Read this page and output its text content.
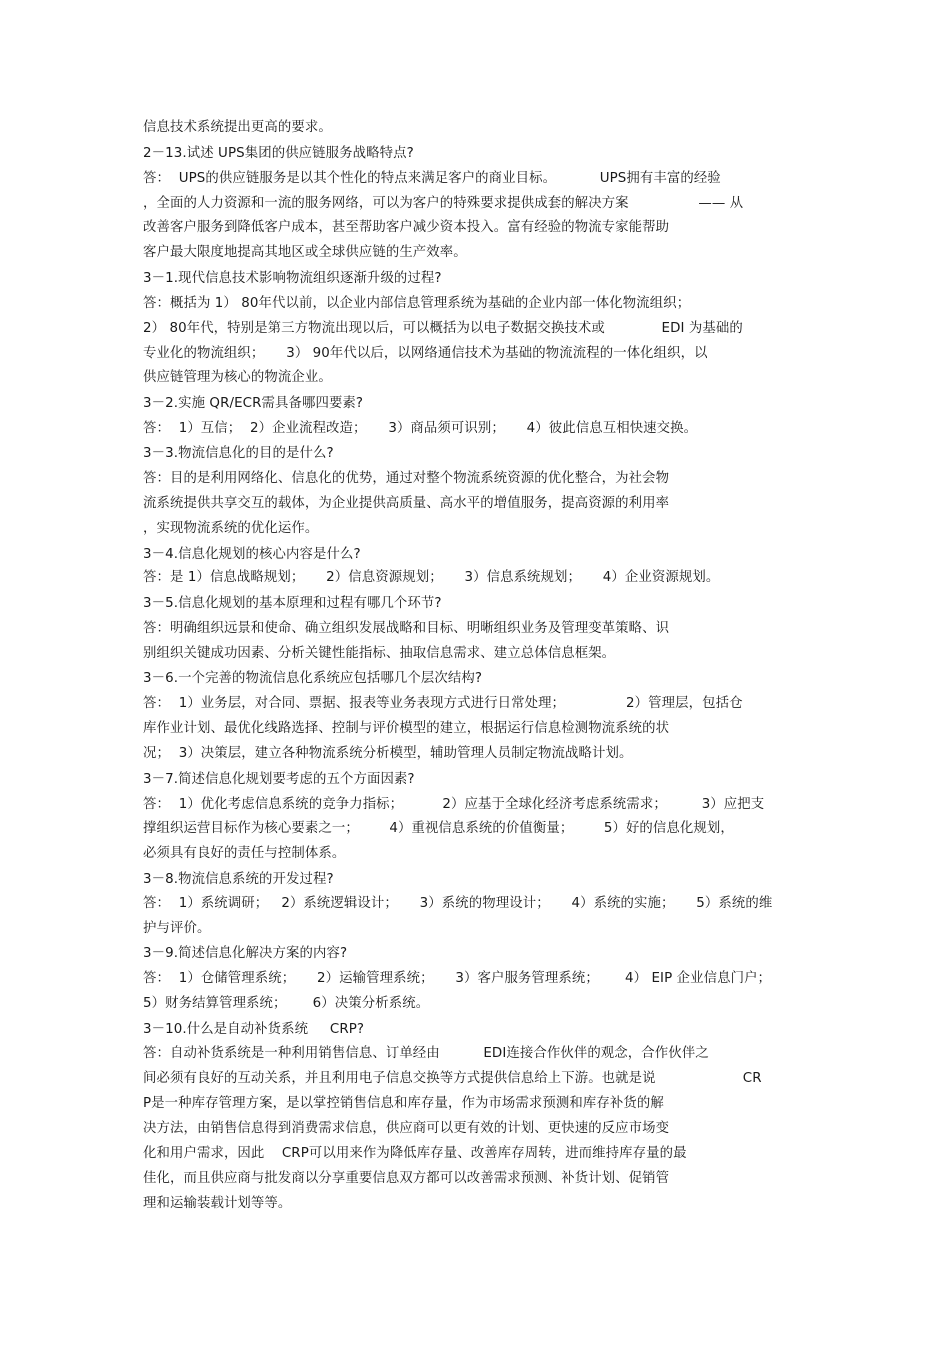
信息技术系统提出更高的要求。
2－13.试述 UPS集团的供应链服务战略特点?
答：  UPS的供应链服务是以其个性化的特点来满足客户的商业目标。          UPS拥有丰富的经验
，全面的人力资源和一流的服务网络，可以为客户的特殊要求提供成套的解决方案                —— 从
改善客户服务到降低客户成本，甚至帮助客户减少资本投入。富有经验的物流专家能帮助
客户最大限度地提高其地区或全球供应链的生产效率。
3－1.现代信息技术影响物流组织逐渐升级的过程?
答：概括为 1） 80年代以前，以企业内部信息管理系统为基础的企业内部一体化物流组织；
2） 80年代，特别是第三方物流出现以后，可以概括为以电子数据交换技术或             EDI 为基础的
专业化的物流组织；     3） 90年代以后，以网络通信技术为基础的物流流程的一体化组织，以
供应链管理为核心的物流企业。
3－2.实施 QR/ECR需具备哪四要素?
答：  1）互信；  2）企业流程改造；     3）商品须可识别；     4）彼此信息互相快速交换。
3－3.物流信息化的目的是什么?
答：目的是利用网络化、信息化的优势，通过对整个物流系统资源的优化整合，为社会物
流系统提供共享交互的载体，为企业提供高质量、高水平的增值服务，提高资源的利用率
，实现物流系统的优化运作。
3－4.信息化规划的核心内容是什么?
答：是 1）信息战略规划；     2）信息资源规划；     3）信息系统规划；     4）企业资源规划。
3－5.信息化规划的基本原理和过程有哪几个环节?
答：明确组织远景和使命、确立组织发展战略和目标、明晰组织业务及管理变革策略、识
别组织关键成功因素、分析关键性能指标、抽取信息需求、建立总体信息框架。
3－6.一个完善的物流信息化系统应包括哪几个层次结构?
答：  1）业务层，对合同、票据、报表等业务表现方式进行日常处理；              2）管理层，包括仓
库作业计划、最优化线路选择、控制与评价模型的建立，根据运行信息检测物流系统的状
况；  3）决策层，建立各种物流系统分析模型，辅助管理人员制定物流战略计划。
3－7.简述信息化规划要考虑的五个方面因素?
答：  1）优化考虑信息系统的竞争力指标；         2）应基于全球化经济考虑系统需求；        3）应把支
撑组织运营目标作为核心要素之一；       4）重视信息系统的价值衡量；       5）好的信息化规划，
必须具有良好的责任与控制体系。
3－8.物流信息系统的开发过程?
答：  1）系统调研；   2）系统逻辑设计；     3）系统的物理设计；     4）系统的实施；     5）系统的维
护与评价。
3－9.简述信息化解决方案的内容?
答：  1）仓储管理系统；     2）运输管理系统；     3）客户服务管理系统；      4） EIP 企业信息门户；
5）财务结算管理系统；      6）决策分析系统。
3－10.什么是自动补货系统     CRP?
答：自动补货系统是一种利用销售信息、订单经由          EDI连接合作伙伴的观念，合作伙伴之
间必须有良好的互动关系，并且利用电子信息交换等方式提供信息给上下游。也就是说                    CR
P是一种库存管理方案，是以掌控销售信息和库存量，作为市场需求预测和库存补货的解
决方法，由销售信息得到消费需求信息，供应商可以更有效的计划、更快速的反应市场变
化和用户需求，因此    CRP可以用来作为降低库存量、改善库存周转，进而维持库存量的最
佳化，而且供应商与批发商以分享重要信息双方都可以改善需求预测、补货计划、促销管
理和运输装载计划等等。
